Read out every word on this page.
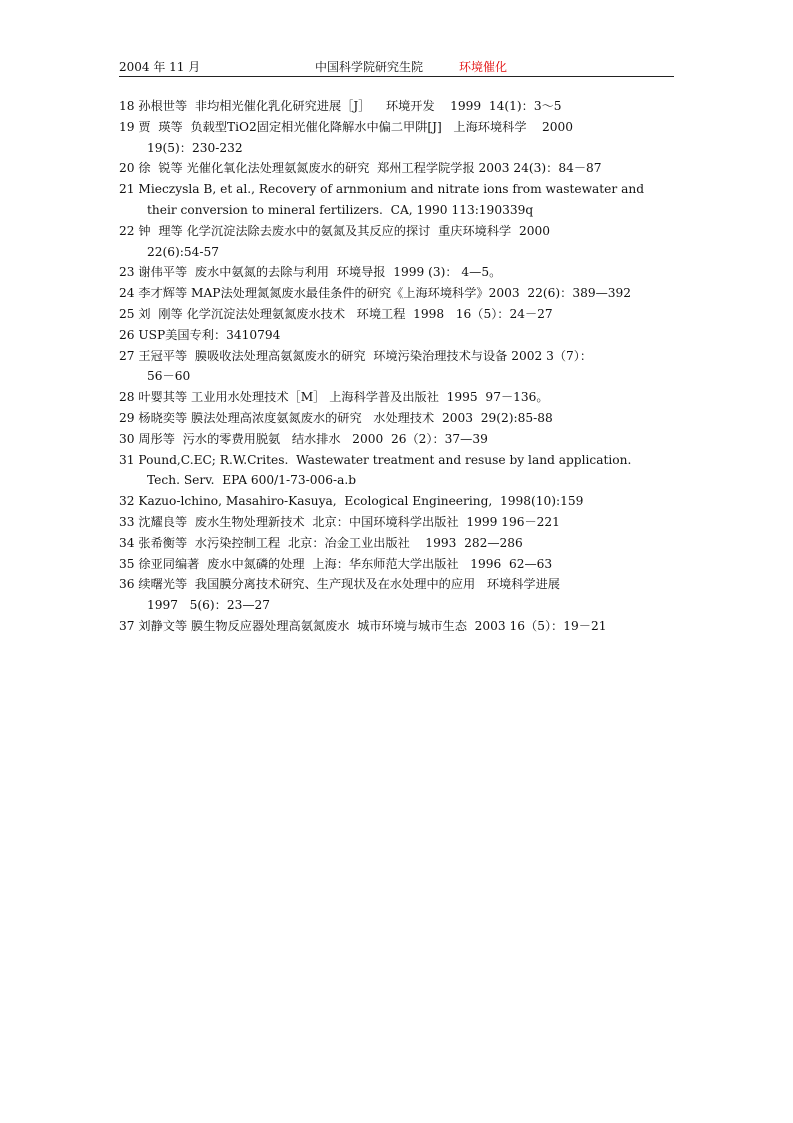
2004 年 11 月	中国科学院研究生院	环境催化
18 孙根世等  非均相光催化乳化研究进展［J］    环境开发    1999  14(1)：3～5
19 贾  瑛等  负载型TiO2固定相光催化降解水中偏二甲阱[J]   上海环境科学    2000
19(5)：230-232
20 徐  锐等 光催化氧化法处理氨氮废水的研究  郑州工程学院学报 2003 24(3)：84－87
21 Mieczysla B, et al., Recovery of arnmonium and nitrate ions from wastewater and
their conversion to mineral fertilizers.  CA, 1990 113:190339q
22 钟  理等 化学沉淀法除去废水中的氨氮及其反应的探讨  重庆环境科学  2000
22(6):54-57
23 谢伟平等  废水中氨氮的去除与利用  环境导报  1999 (3)： 4—5。
24 李才辉等 MAP法处理氮氮废水最佳条件的研究《上海环境科学》2003  22(6)：389—392
25 刘  刚等 化学沉淀法处理氨氮废水技术   环境工程  1998   16（5）：24－27
26 USP美国专利：3410794
27 王冠平等  膜吸收法处理高氨氮废水的研究  环境污染治理技术与设备 2002 3（7）：
56－60
28 叶婴其等 工业用水处理技术［M］ 上海科学普及出版社  1995  97－136。
29 杨晓奕等 膜法处理高浓度氨氮废水的研究   水处理技术  2003  29(2):85-88
30 周彤等  污水的零费用脱氨   结水排水   2000  26（2）：37—39
31 Pound,C.EC; R.W.Crites.  Wastewater treatment and resuse by land application.
Tech. Serv.  EPA 600/1-73-006-a.b
32 Kazuo-lchino, Masahiro-Kasuya,  Ecological Engineering,  1998(10):159
33 沈耀良等  废水生物处理新技术  北京：中国环境科学出版社  1999 196－221
34 张希衡等  水污染控制工程  北京：冶金工业出版社    1993  282—286
35 徐亚同编著  废水中氮磷的处理  上海：华东师范大学出版社   1996  62—63
36 续曙光等  我国膜分离技术研究、生产现状及在水处理中的应用   环境科学进展
1997   5(6)：23—27
37 刘静文等 膜生物反应器处理高氨氮废水  城市环境与城市生态  2003 16（5）：19－21
